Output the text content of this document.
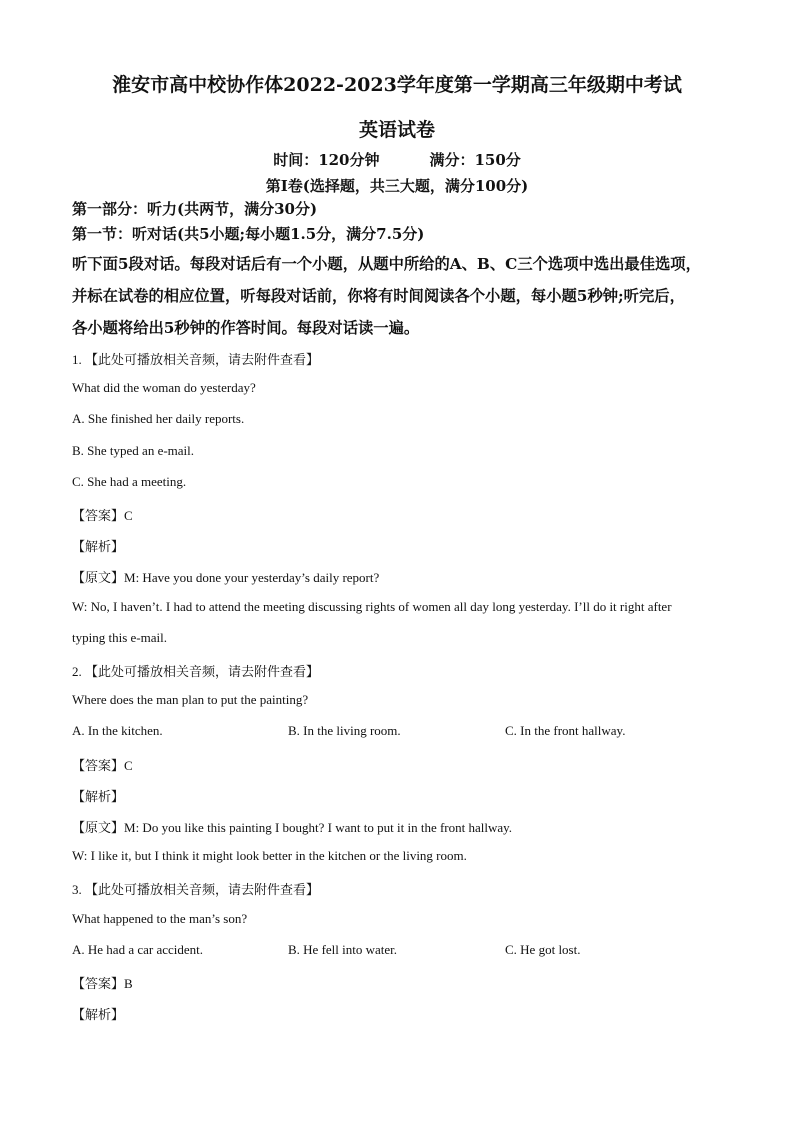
淮安市高中校协作体2022-2023学年度第一学期高三年级期中考试
英语试卷
时间：120分钟	满分：150分
第I卷(选择题，共三大题，满分100分)
第一部分：听力(共两节，满分30分)
第一节：听对话(共5小题;每小题1.5分，满分7.5分)
听下面5段对话。每段对话后有一个小题，从题中所给的A、B、C三个选项中选出最佳选项，
并标在试卷的相应位置，听每段对话前，你将有时间阅读各个小题，每小题5秒钟;听完后，
各小题将给出5秒钟的作答时间。每段对话读一遍。
1. 【此处可播放相关音频，请去附件查看】
What did the woman do yesterday?
A. She finished her daily reports.
B. She typed an e-mail.
C. She had a meeting.
【答案】C
【解析】
【原文】M: Have you done your yesterday’s daily report?
W: No, I haven’t. I had to attend the meeting discussing rights of women all day long yesterday. I’ll do it right after
typing this e-mail.
2. 【此处可播放相关音频，请去附件查看】
Where does the man plan to put the painting?
A. In the kitchen.	B. In the living room.	C. In the front hallway.
【答案】C
【解析】
【原文】M: Do you like this painting I bought? I want to put it in the front hallway.
W: I like it, but I think it might look better in the kitchen or the living room.
3. 【此处可播放相关音频，请去附件查看】
What happened to the man’s son?
A. He had a car accident.	B. He fell into water.	C. He got lost.
【答案】B
【解析】
